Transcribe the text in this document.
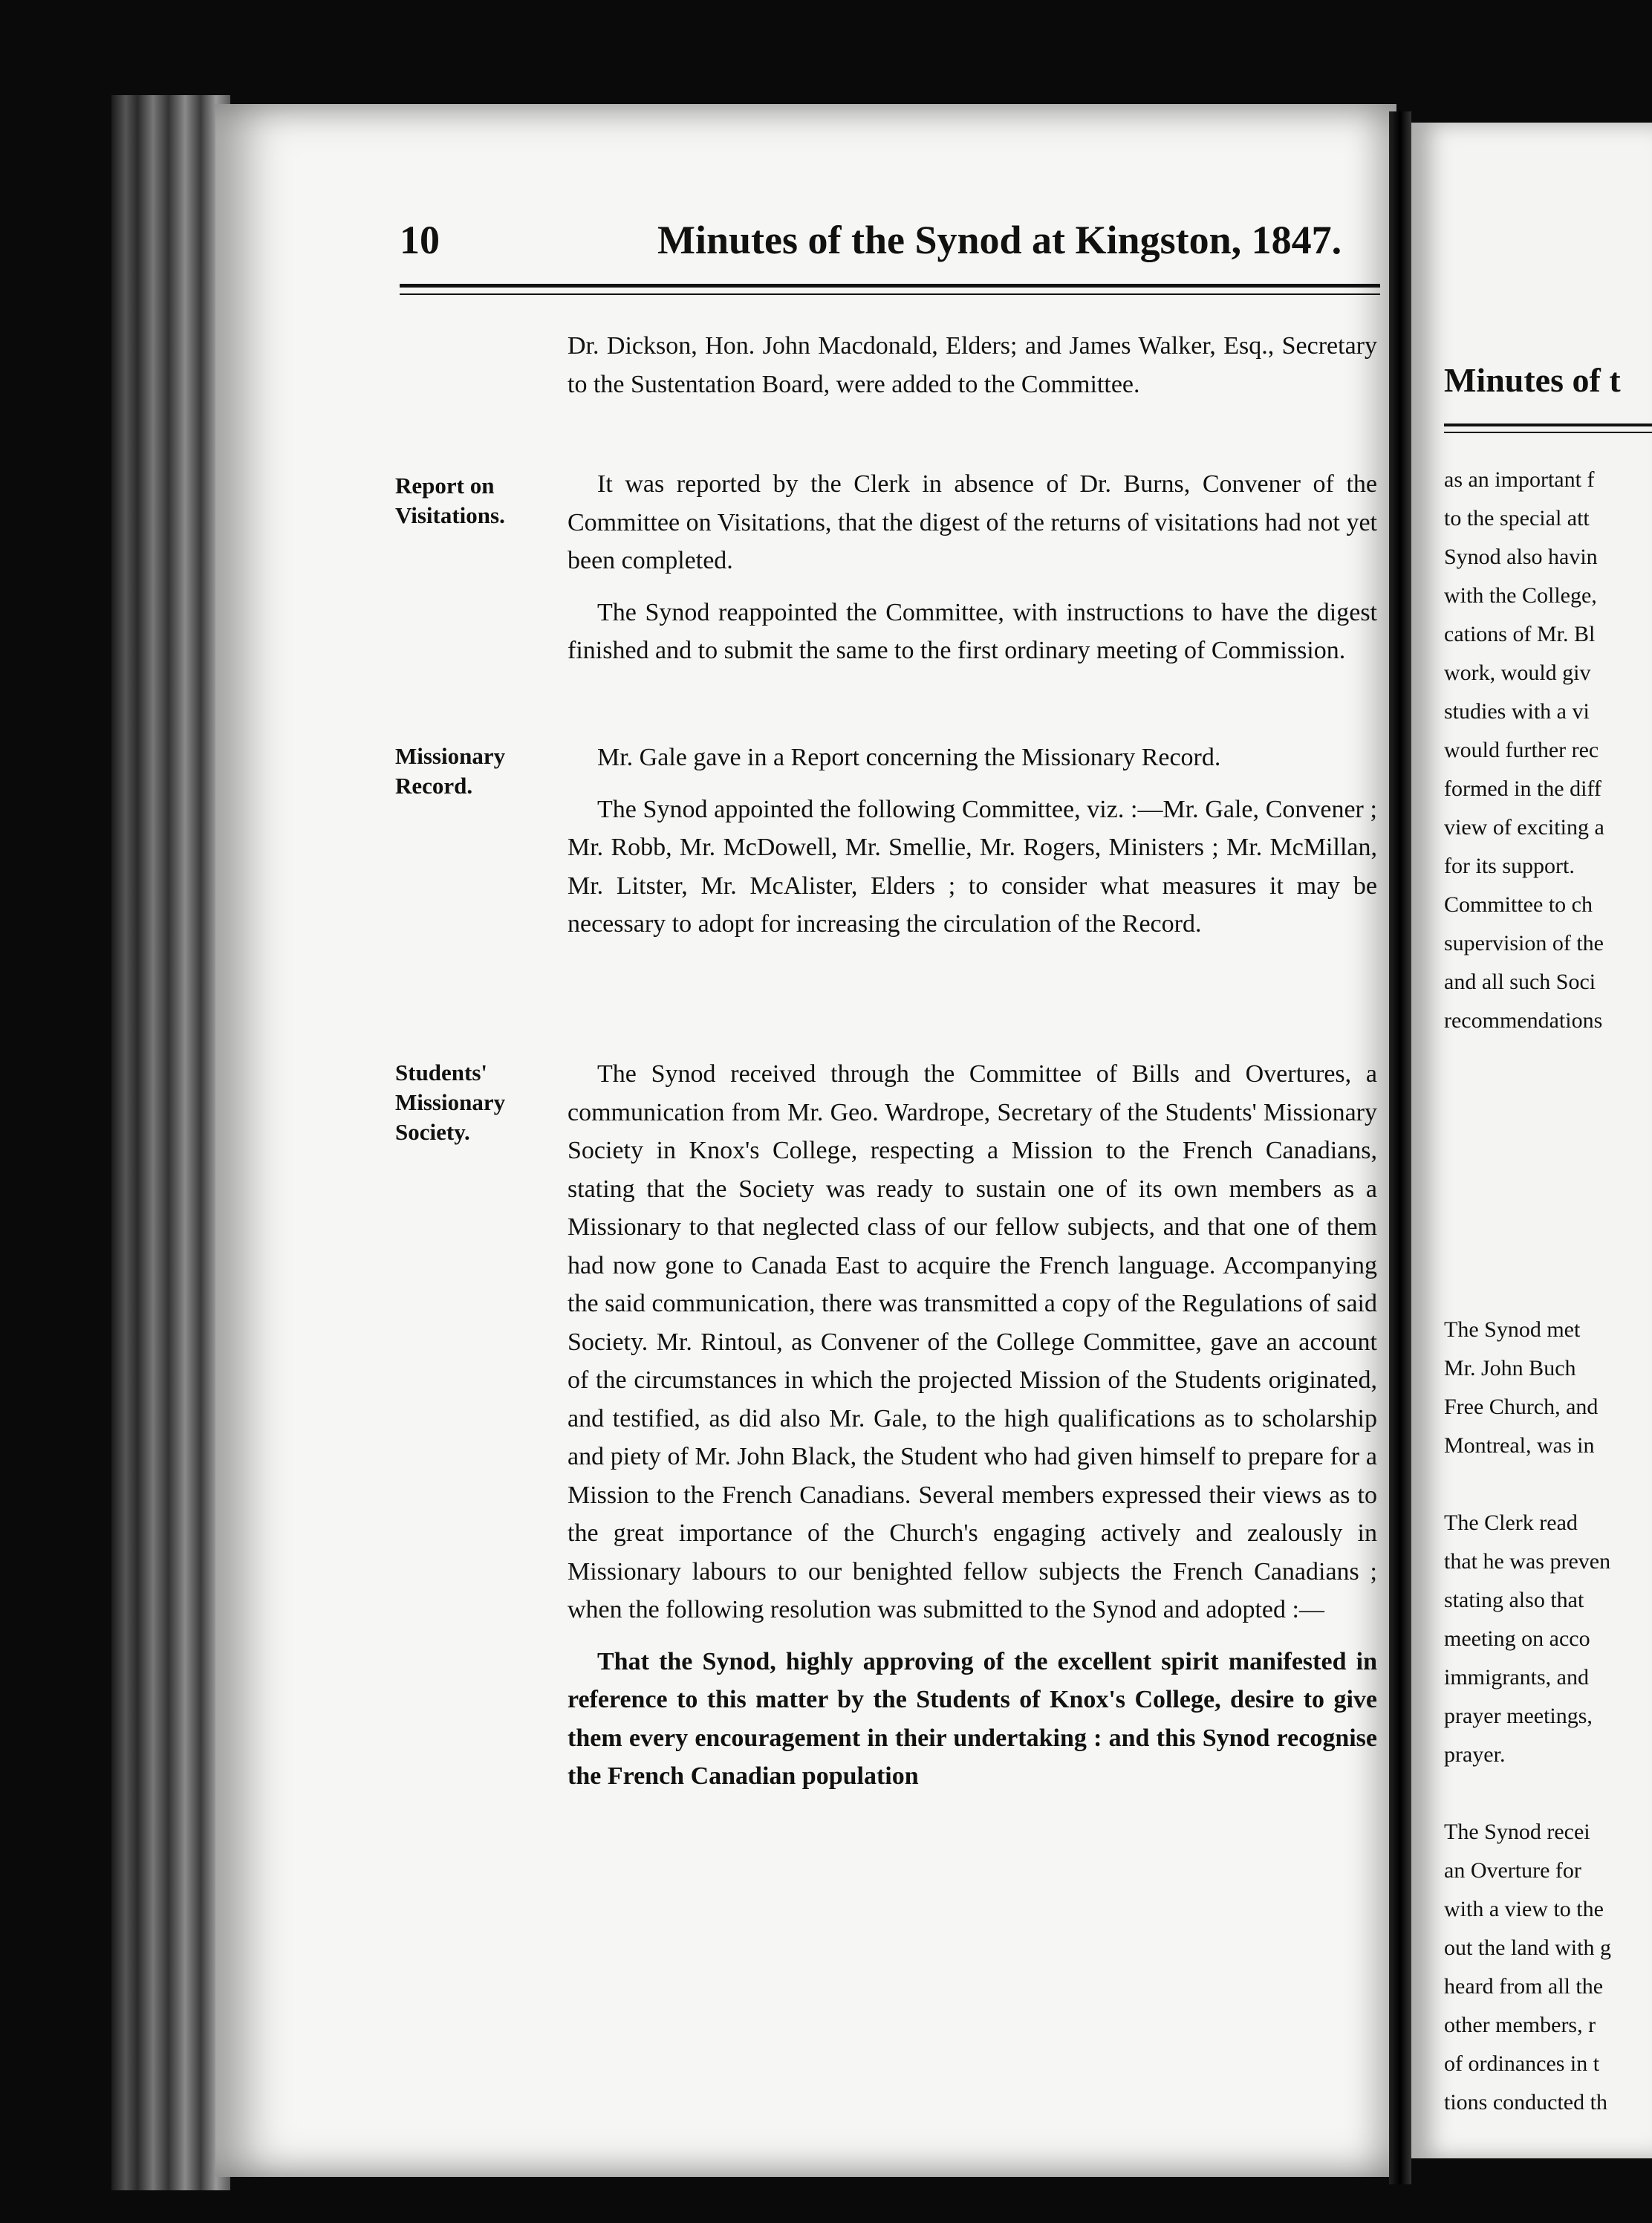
10	Minutes of the Synod at Kingston, 1847.
Report on
Visitations.
Missionary
Record.
Students'
Missionary
Society.

Dr. Dickson, Hon. John Macdonald, Elders; and James Walker, Esq., Secretary to the Sustentation Board, were added to the Committee.

It was reported by the Clerk in absence of Dr. Burns, Convener of the Committee on Visitations, that the digest of the returns of visitations had not yet been completed.

The Synod reappointed the Committee, with instructions to have the digest finished and to submit the same to the first ordinary meeting of Commission.

Mr. Gale gave in a Report concerning the Missionary Record.

The Synod appointed the following Committee, viz. :—Mr. Gale, Convener ; Mr. Robb, Mr. McDowell, Mr. Smellie, Mr. Rogers, Ministers ; Mr. McMillan, Mr. Litster, Mr. McAlister, Elders ; to consider what measures it may be necessary to adopt for increasing the circulation of the Record.

The Synod received through the Committee of Bills and Overtures, a communication from Mr. Geo. Wardrope, Secretary of the Students' Missionary Society in Knox's College, respecting a Mission to the French Canadians, stating that the Society was ready to sustain one of its own members as a Missionary to that neglected class of our fellow subjects, and that one of them had now gone to Canada East to acquire the French language. Accompanying the said communication, there was transmitted a copy of the Regulations of said Society. Mr. Rintoul, as Convener of the College Committee, gave an account of the circumstances in which the projected Mission of the Students originated, and testified, as did also Mr. Gale, to the high qualifications as to scholarship and piety of Mr. John Black, the Student who had given himself to prepare for a Mission to the French Canadians. Several members expressed their views as to the great importance of the Church's engaging actively and zealously in Missionary labours to our benighted fellow subjects the French Canadians ; when the following resolution was submitted to the Synod and adopted :—

That the Synod, highly approving of the excellent spirit manifested in reference to this matter by the Students of Knox's College, desire to give them every encouragement in their undertaking : and this Synod recognise the French Canadian population

Minutes of t
as an important f
to the special att
Synod also havin
with the College,
cations of Mr. Bl
work, would giv
studies with a vi
would further rec
formed in the diff
view of exciting a
for its support.
Committee to ch
supervision of the
and all such Soci
recommendations
The Synod met
Mr. John Buch
Free Church, and
Montreal, was in
The Clerk read
that he was preven
stating also that
meeting on acco
immigrants, and
prayer meetings,
prayer.
The Synod recei
an Overture for
with a view to the
out the land with g
heard from all the
other members, r
of ordinances in t
tions conducted th
